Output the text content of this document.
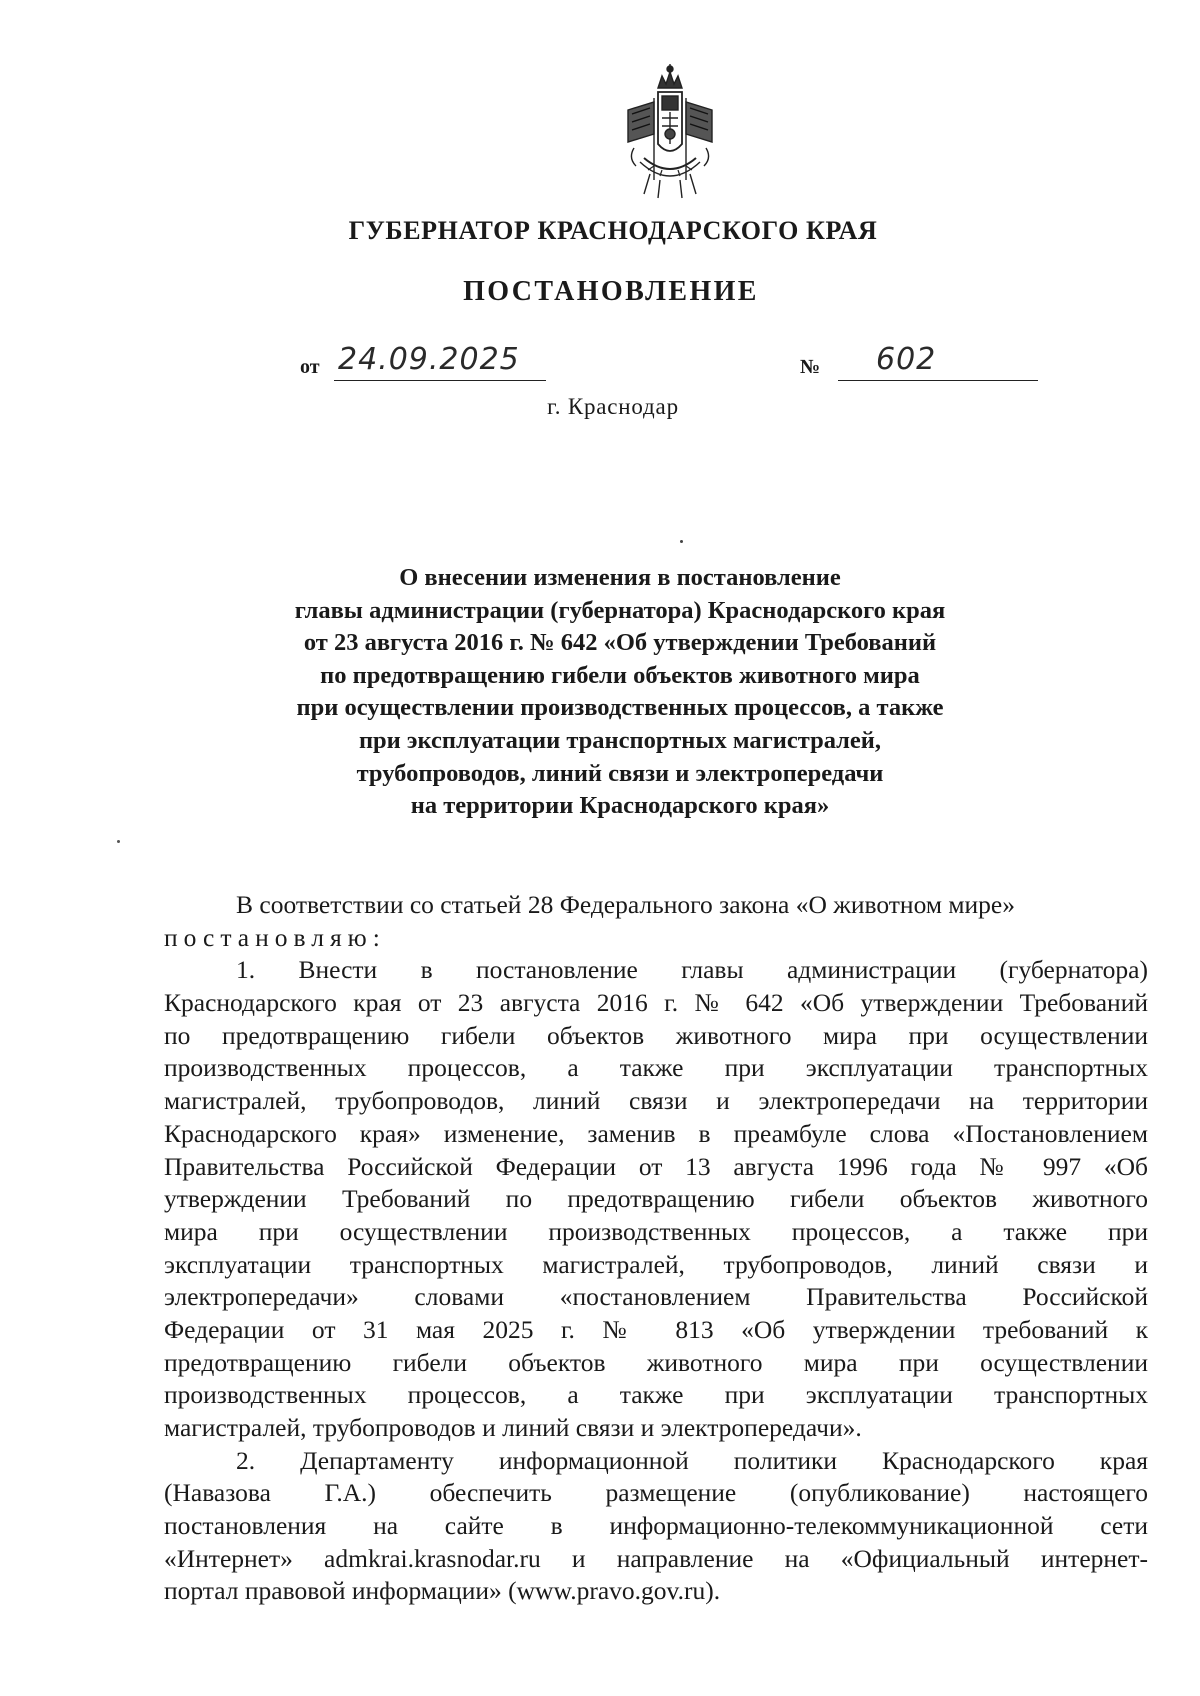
ГУБЕРНАТОР КРАСНОДАРСКОГО КРАЯ
ПОСТАНОВЛЕНИЕ
от 24.09.2025	№ 602
г. Краснодар
О внесении изменения в постановление
главы администрации (губернатора) Краснодарского края
от 23 августа 2016 г. № 642 «Об утверждении Требований
по предотвращению гибели объектов животного мира
при осуществлении производственных процессов, а также
при эксплуатации транспортных магистралей,
трубопроводов, линий связи и электропередачи
на территории Краснодарского края»
В соответствии со статьей 28 Федерального закона «О животном мире»
постановляю:
1. Внести в постановление главы администрации (губернатора)
Краснодарского края от 23 августа 2016 г. № 642 «Об утверждении Требований
по предотвращению гибели объектов животного мира при осуществлении
производственных процессов, а также при эксплуатации транспортных
магистралей, трубопроводов, линий связи и электропередачи на территории
Краснодарского края» изменение, заменив в преамбуле слова «Постановлением
Правительства Российской Федерации от 13 августа 1996 года № 997 «Об
утверждении Требований по предотвращению гибели объектов животного
мира при осуществлении производственных процессов, а также при
эксплуатации транспортных магистралей, трубопроводов, линий связи и
электропередачи» словами «постановлением Правительства Российской
Федерации от 31 мая 2025 г. № 813 «Об утверждении требований к
предотвращению гибели объектов животного мира при осуществлении
производственных процессов, а также при эксплуатации транспортных
магистралей, трубопроводов и линий связи и электропередачи».
2. Департаменту информационной политики Краснодарского края
(Навазова Г.А.) обеспечить размещение (опубликование) настоящего
постановления на сайте в информационно-телекоммуникационной сети
«Интернет» admkrai.krasnodar.ru и направление на «Официальный интернет-
портал правовой информации» (www.pravo.gov.ru).
